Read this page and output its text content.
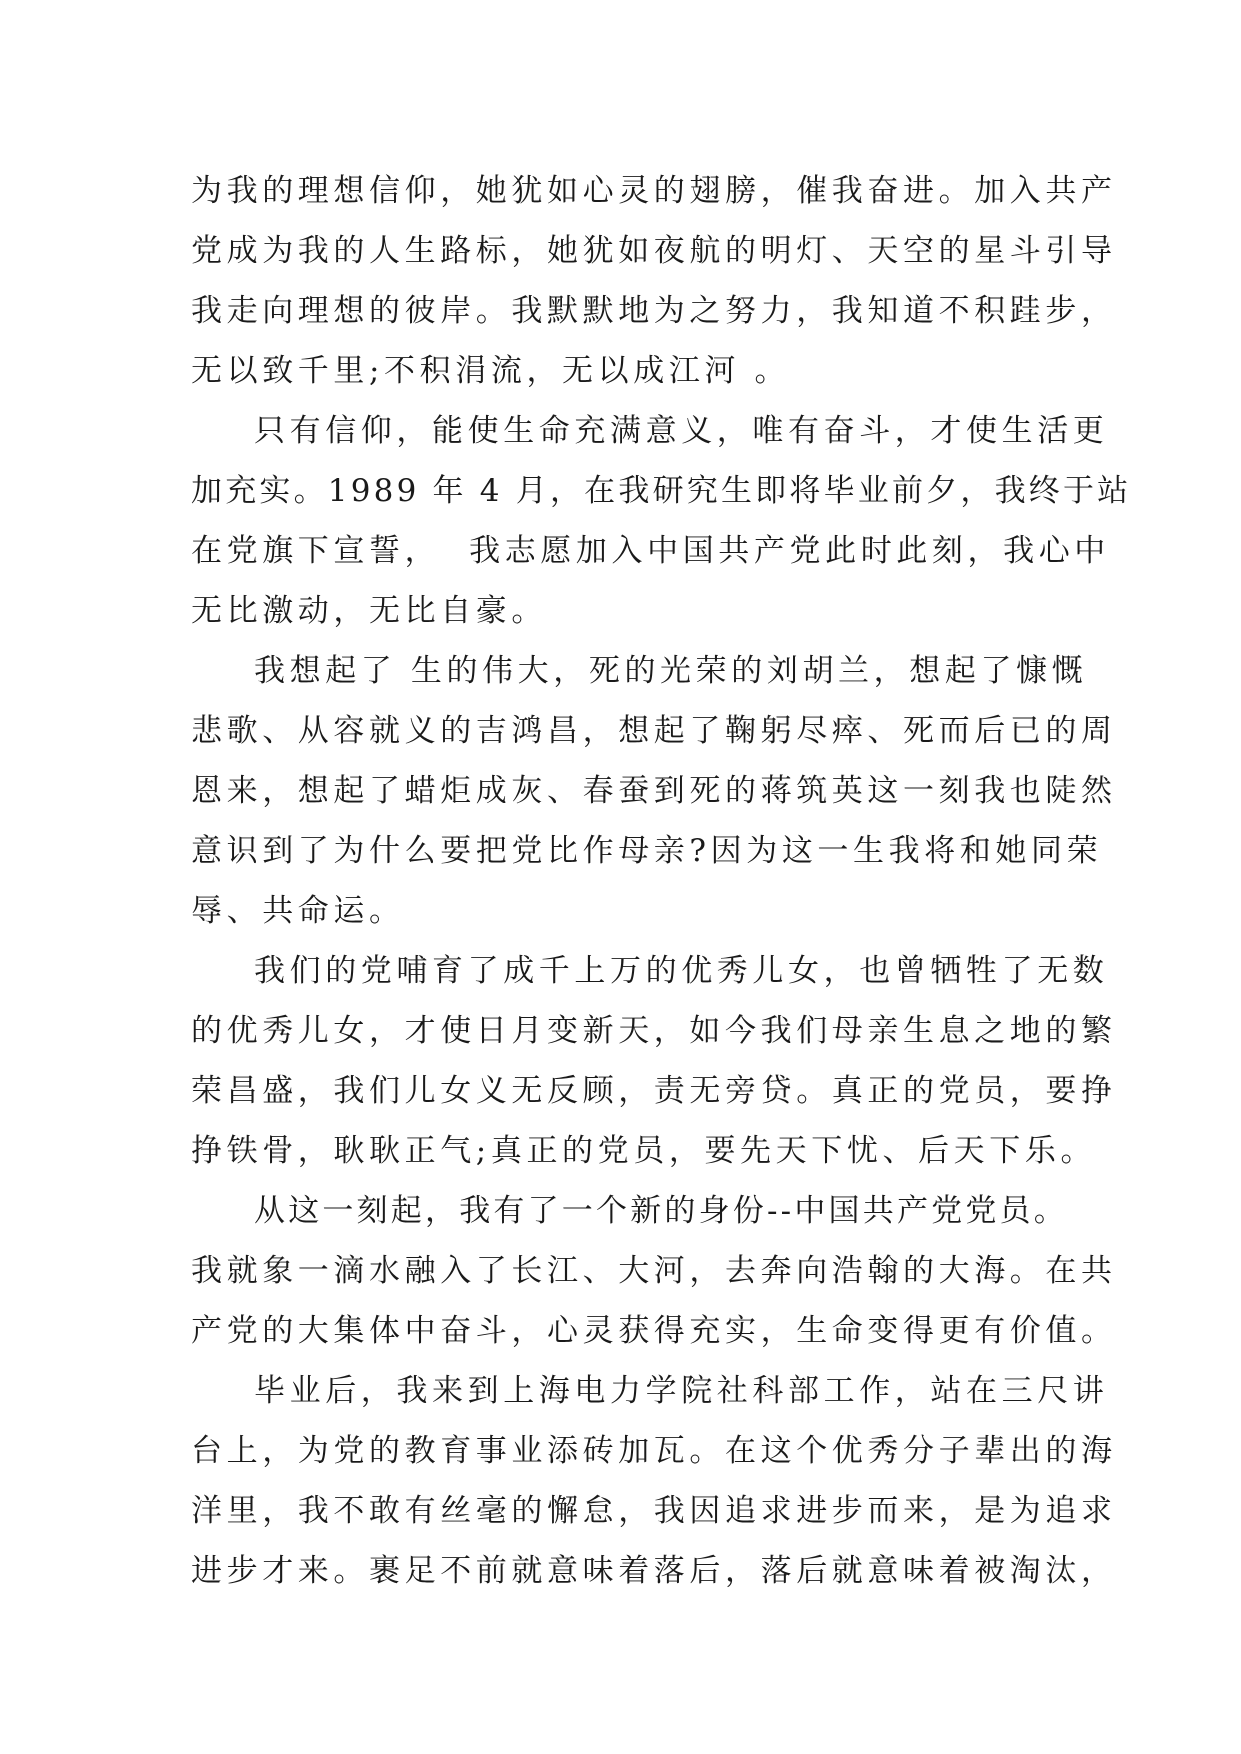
为我的理想信仰，她犹如心灵的翅膀，催我奋进。加入共产
党成为我的人生路标，她犹如夜航的明灯、天空的星斗引导
我走向理想的彼岸。我默默地为之努力，我知道不积跬步，
无以致千里;不积涓流，无以成江河 。
只有信仰，能使生命充满意义，唯有奋斗，才使生活更
加充实。1989 年 4 月，在我研究生即将毕业前夕，我终于站
在党旗下宣誓，  我志愿加入中国共产党此时此刻，我心中
无比激动，无比自豪。
我想起了 生的伟大，死的光荣的刘胡兰，想起了慷慨
悲歌、从容就义的吉鸿昌，想起了鞠躬尽瘁、死而后已的周
恩来，想起了蜡炬成灰、春蚕到死的蒋筑英这一刻我也陡然
意识到了为什么要把党比作母亲?因为这一生我将和她同荣
辱、共命运。
我们的党哺育了成千上万的优秀儿女，也曾牺牲了无数
的优秀儿女，才使日月变新天，如今我们母亲生息之地的繁
荣昌盛，我们儿女义无反顾，责无旁贷。真正的党员，要挣
挣铁骨，耿耿正气;真正的党员，要先天下忧、后天下乐。
从这一刻起，我有了一个新的身份--中国共产党党员。
我就象一滴水融入了长江、大河，去奔向浩翰的大海。在共
产党的大集体中奋斗，心灵获得充实，生命变得更有价值。
毕业后，我来到上海电力学院社科部工作，站在三尺讲
台上，为党的教育事业添砖加瓦。在这个优秀分子辈出的海
洋里，我不敢有丝毫的懈怠，我因追求进步而来，是为追求
进步才来。裹足不前就意味着落后，落后就意味着被淘汰，
